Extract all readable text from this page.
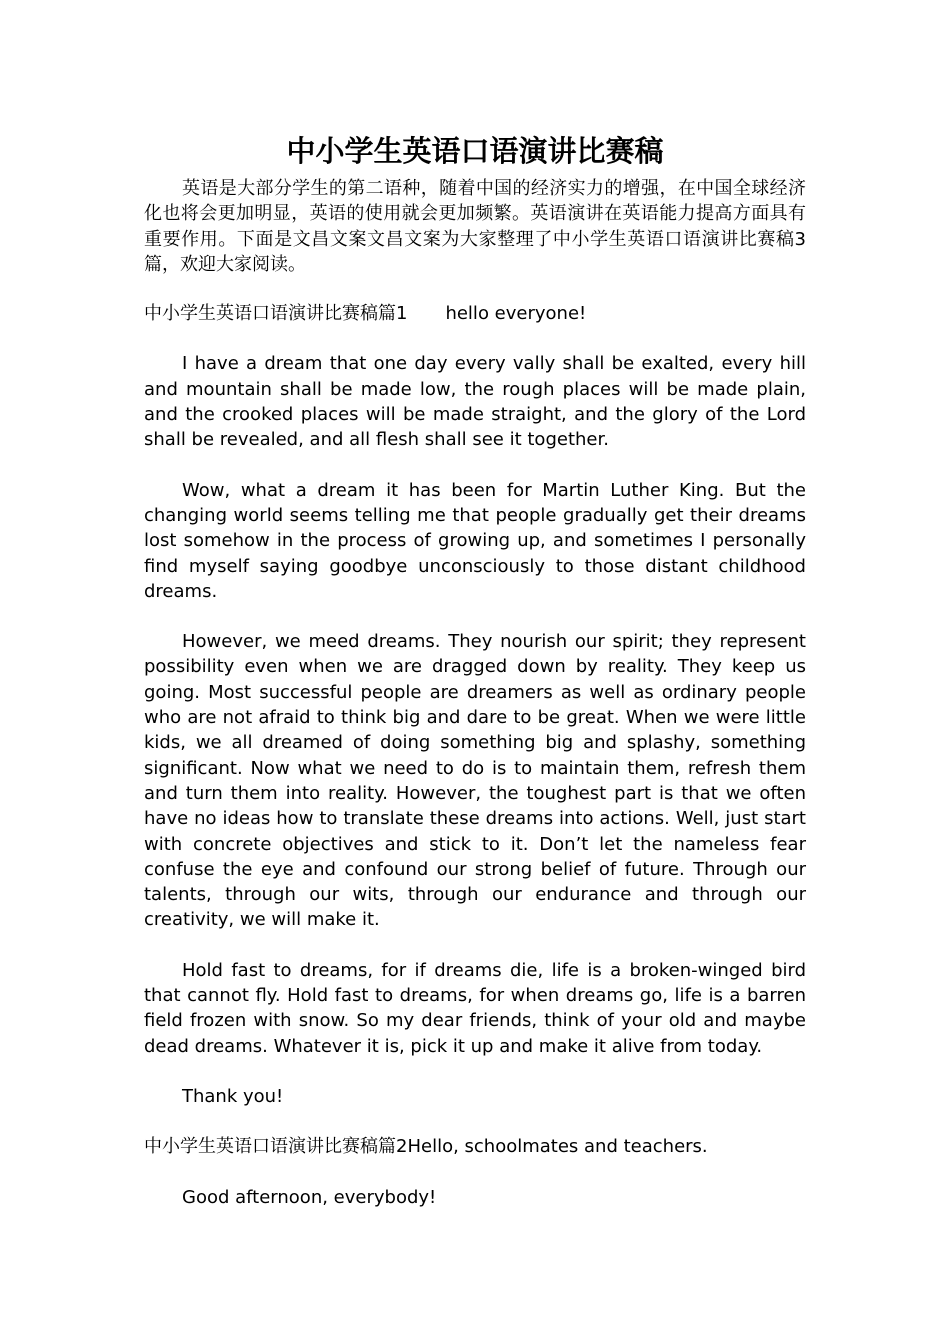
中小学生英语口语演讲比赛稿

英语是大部分学生的第二语种，随着中国的经济实力的增强，在中国全球经济化也将会更加明显，英语的使用就会更加频繁。英语演讲在英语能力提高方面具有重要作用。下面是文昌文案文昌文案为大家整理了中小学生英语口语演讲比赛稿3篇，欢迎大家阅读。

中小学生英语口语演讲比赛稿篇1 hello everyone!

I have a dream that one day every vally shall be exalted, every hill and mountain shall be made low, the rough places will be made plain, and the crooked places will be made straight, and the glory of the Lord shall be revealed, and all flesh shall see it together.

Wow, what a dream it has been for Martin Luther King. But the changing world seems telling me that people gradually get their dreams lost somehow in the process of growing up, and sometimes I personally find myself saying goodbye unconsciously to those distant childhood dreams.

However, we meed dreams. They nourish our spirit; they represent possibility even when we are dragged down by reality. They keep us going. Most successful people are dreamers as well as ordinary people who are not afraid to think big and dare to be great. When we were little kids, we all dreamed of doing something big and splashy, something significant. Now what we need to do is to maintain them, refresh them and turn them into reality. However, the toughest part is that we often have no ideas how to translate these dreams into actions. Well, just start with concrete objectives and stick to it. Don’t let the nameless fear confuse the eye and confound our strong belief of future. Through our talents, through our wits, through our endurance and through our creativity, we will make it.

Hold fast to dreams, for if dreams die, life is a broken-winged bird that cannot fly. Hold fast to dreams, for when dreams go, life is a barren field frozen with snow. So my dear friends, think of your old and maybe dead dreams. Whatever it is, pick it up and make it alive from today.

Thank you!

中小学生英语口语演讲比赛稿篇2Hello, schoolmates and teachers.

Good afternoon, everybody!
